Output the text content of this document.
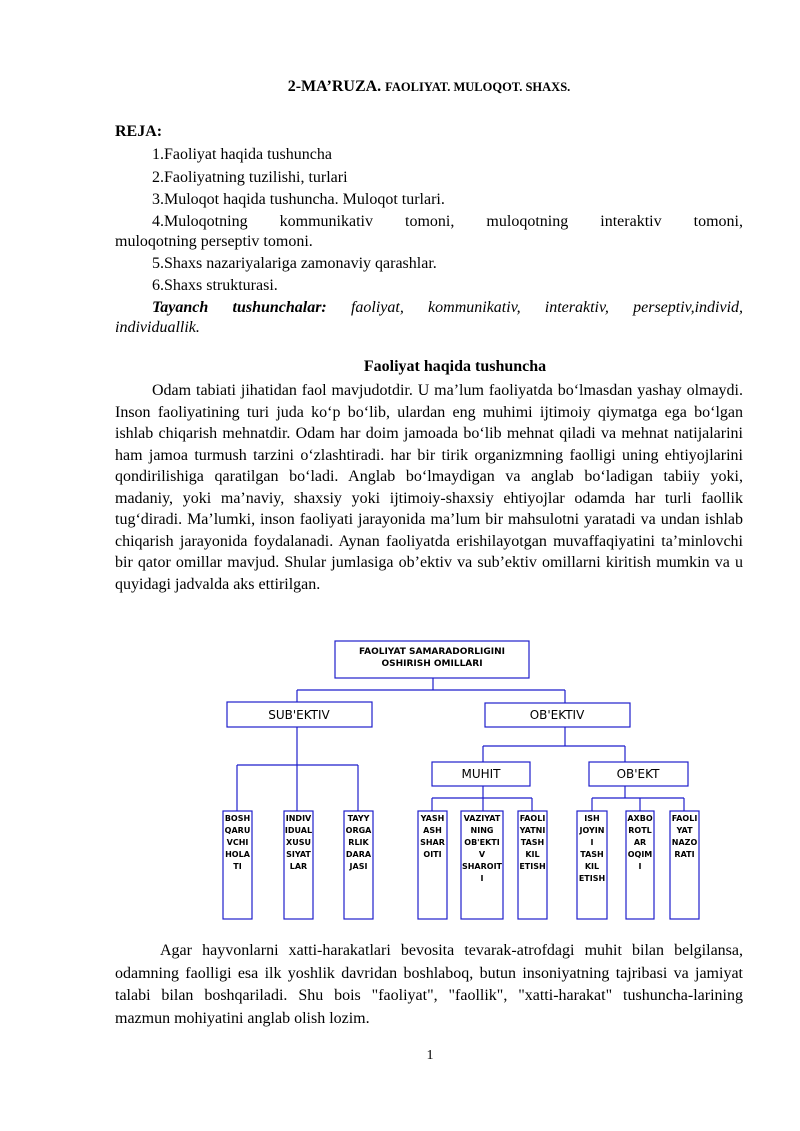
2-MA’RUZA. FAOLIYAT. MULOQOT. SHAXS.
REJA:
1.Faoliyat haqida tushuncha
2.Faoliyatning tuzilishi, turlari
3.Muloqot haqida tushuncha. Muloqot turlari.
4.Muloqotning kommunikativ tomoni, muloqotning interaktiv tomoni,
muloqotning perseptiv tomoni.
5.Shaxs nazariyalariga zamonaviy qarashlar.
6.Shaxs strukturasi.
Tayanch tushunchalar: faoliyat, kommunikativ, interaktiv, perseptiv,individ,
individuallik.
Faoliyat haqida tushuncha
Odam tabiati jihatidan faol mavjudotdir. U ma’lum faoliyatda bo‘lmasdan yashay olmaydi. Inson faoliyatining turi juda ko‘p bo‘lib, ulardan eng muhimi ijtimoiy qiymatga ega bo‘lgan ishlab chiqarish mehnatdir. Odam har doim jamoada bo‘lib mehnat qiladi va mehnat natijalarini ham jamoa turmush tarzini o‘zlashtiradi. har bir tirik organizmning faolligi uning ehtiyojlarini qondirilishiga qaratilgan bo‘ladi. Anglab bo‘lmaydigan va anglab bo‘ladigan tabiiy yoki, madaniy, yoki ma’naviy, shaxsiy yoki ijtimoiy-shaxsiy ehtiyojlar odamda har turli faollik tug‘diradi. Ma’lumki, inson faoliyati jarayonida ma’lum bir mahsulotni yaratadi va undan ishlab chiqarish jarayonida foydalanadi. Aynan faoliyatda erishilayotgan muvaffaqiyatini ta’minlovchi bir qator omillar mavjud. Shular jumlasiga ob’ektiv va sub’ektiv omillarni kiritish mumkin va u quyidagi jadvalda aks ettirilgan.
FAOLIYAT SAMARADORLIGINI
OSHIRISH OMILLARI
SUB'EKTIV	OB'EKTIV
MUHIT	OB'EKT
BOSH
QARU
VCHI
HOLA
TI
INDIV
IDUAL
XUSU
SIYAT
LAR
TAYY
ORGA
RLIK
DARA
JASI
YASH
ASH
SHAR
OITI
VAZIYAT
NING
OB'EKTI
V
SHAROIT
I
FAOLI
YATNI
TASH
KIL
ETISH
ISH
JOYIN
I
TASH
KIL
ETISH
AXBO
ROTL
AR
OQIM
I
FAOLI
YAT
NAZO
RATI
Agar hayvonlarni xatti-harakatlari bevosita tevarak-atrofdagi muhit bilan belgilansa, odamning faolligi esa ilk yoshlik davridan boshlaboq, butun insoniyatning tajribasi va jamiyat talabi bilan boshqariladi. Shu bois "faoliyat", "faollik", "xatti-harakat" tushuncha-larining mazmun mohiyatini anglab olish lozim.
1
